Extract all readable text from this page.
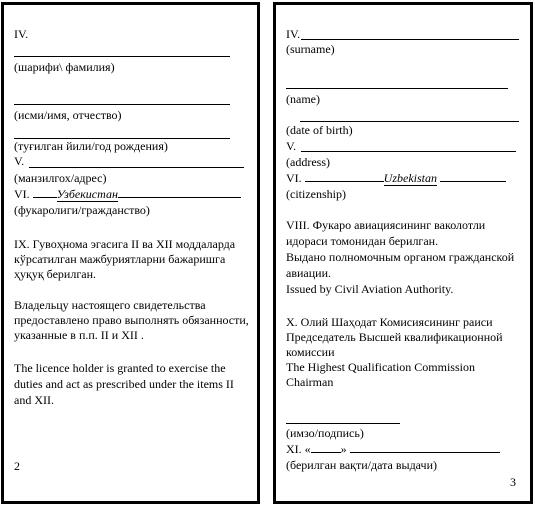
IV.
(шарифи\ фамилия)
(исми/имя, отчество)
(туғилган йили/год рождения)
V.
(манзилгох/адрес)
VI. Узбекистан
(фукаролиги/гражданство)
IX. Гувоҳнома эгасига II ва XII моддаларда
кўрсатилган мажбуриятларни бажаришга
ҳуқуқ берилган.
Владельцу настоящего свидетельства
предоставлено право выполнять обязанности,
указанные в п.п. II и XII .
The licence holder is granted to exercise the
duties and act as prescribed under the items II
and XII.
2
IV.
(surname)
(name)
(date of birth)
V.
(address)
VI.	Uzbekistan
(citizenship)
VIII. Фукаро авиациясининг ваколотли
идораси томонидан берилган.
Выдано полномочным органом гражданской
авиации.
Issued by Civil Aviation Authority.
X. Олий Шаҳодат Комисиясининг раиси
Председатель Высшей квалификационной
комиссии
The Highest Qualification Commission
Chairman
(имзо/подпись)
XI. «	»
(берилган вақти/дата выдачи)
3
